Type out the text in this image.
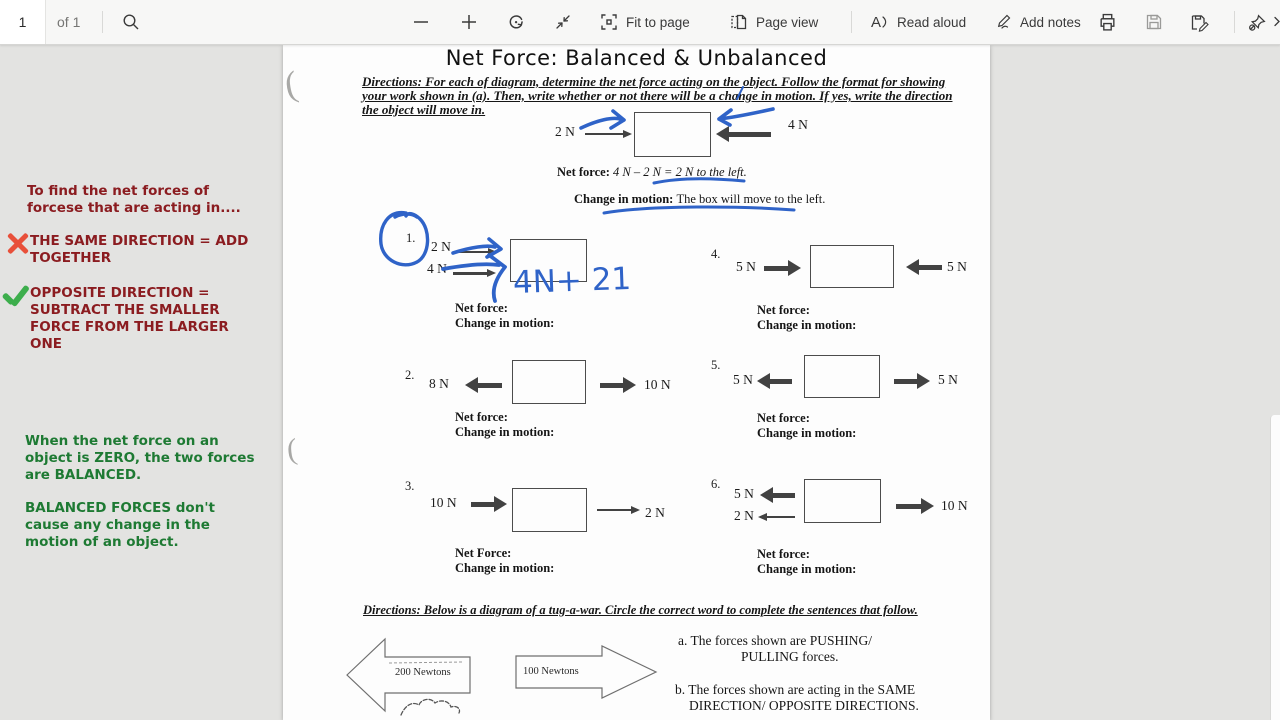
1	of 1	Fit to page	Page view	A Read aloud	Add notes
To find the net forces of
forcese that are acting in....
THE SAME DIRECTION = ADD
TOGETHER
OPPOSITE DIRECTION =
SUBTRACT THE SMALLER
FORCE FROM THE LARGER
ONE
When the net force on an
object is ZERO, the two forces
are BALANCED.
BALANCED FORCES don't
cause any change in the
motion of an object.
(
(
Net Force: Balanced & Unbalanced
Directions: For each of diagram, determine the net force acting on the object. Follow the format for showing
your work shown in (a). Then, write whether or not there will be a change in motion. If yes, write the direction
the object will move in.
2 N	4 N
Net force: 4 N – 2 N = 2 N to the left.
Change in motion: The box will move to the left.
1.
2 N
4 N 4N+ 21
Net force:
Change in motion:
2.
8 N	10 N
Net force:
Change in motion:
3.
10 N
2 N
Net Force:
Change in motion:
4.
5 N	5 N
Net force:
Change in motion:
5.
5 N	5 N
Net force:
Change in motion:
6.
5 N
2 N
10 N
Net force:
Change in motion:
Directions: Below is a diagram of a tug-a-war. Circle the correct word to complete the sentences that follow.
200 Newtons	100 Newtons
a. The forces shown are PUSHING/
PULLING forces.
b. The forces shown are acting in the SAME
DIRECTION/ OPPOSITE DIRECTIONS.
